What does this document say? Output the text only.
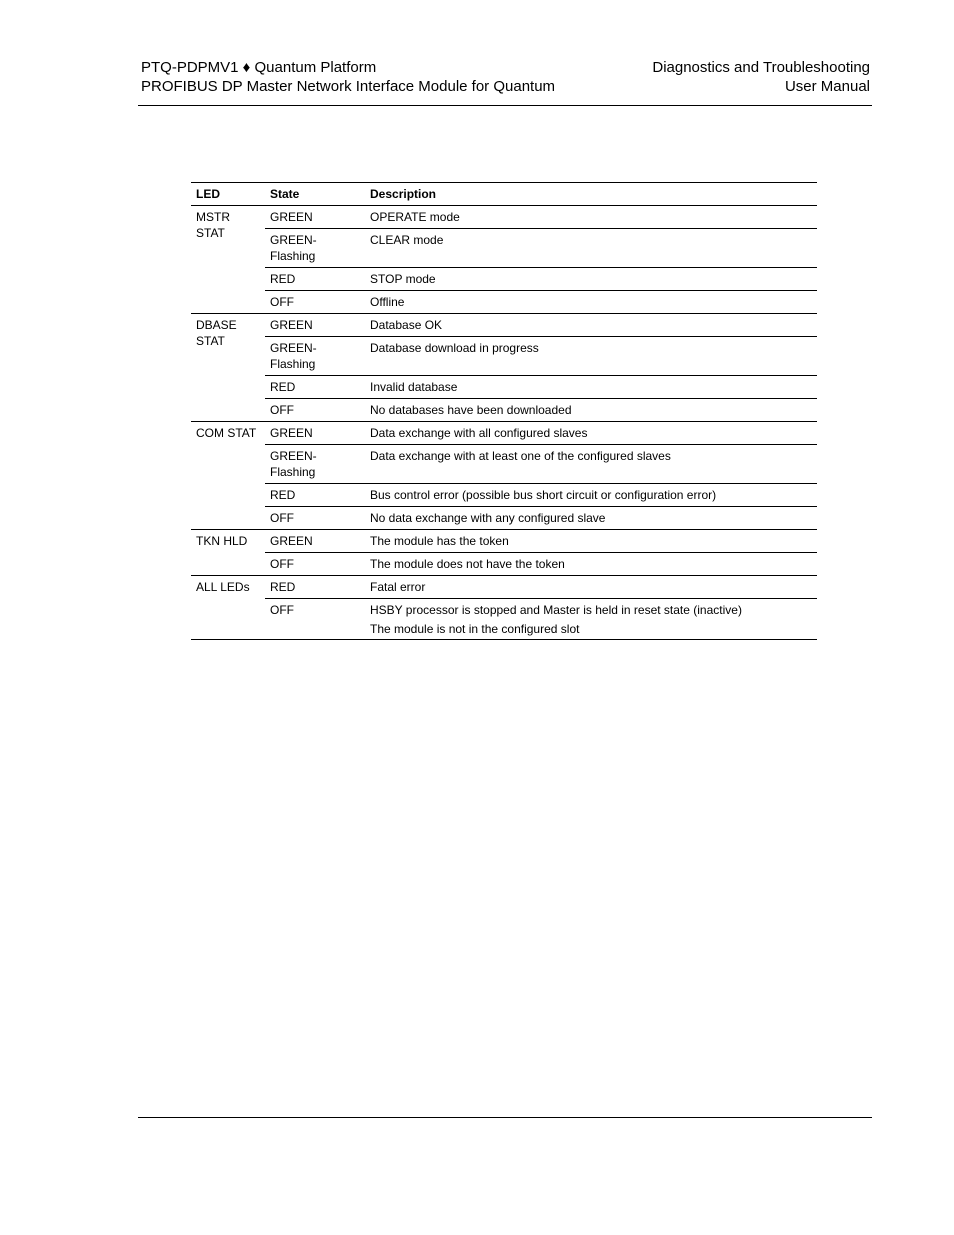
PTQ-PDPMV1 ♦ Quantum Platform
PROFIBUS DP Master Network Interface Module for Quantum
Diagnostics and Troubleshooting
User Manual
LED	State	Description
MSTR STAT	GREEN	OPERATE mode

	GREEN-Flashing	CLEAR mode

	RED	STOP mode

	OFF	Offline

DBASE STAT	GREEN	Database OK

	GREEN-Flashing	Database download in progress

	RED	Invalid database

	OFF	No databases have been downloaded

COM STAT	GREEN	Data exchange with all configured slaves

	GREEN-Flashing	Data exchange with at least one of the configured slaves

	RED	Bus control error (possible bus short circuit or configuration error)

	OFF	No data exchange with any configured slave

TKN HLD	GREEN	The module has the token

	OFF	The module does not have the token

ALL LEDs	RED	Fatal error

	OFF	HSBY processor is stopped and Master is held in reset state (inactive)
The module is not in the configured slot
